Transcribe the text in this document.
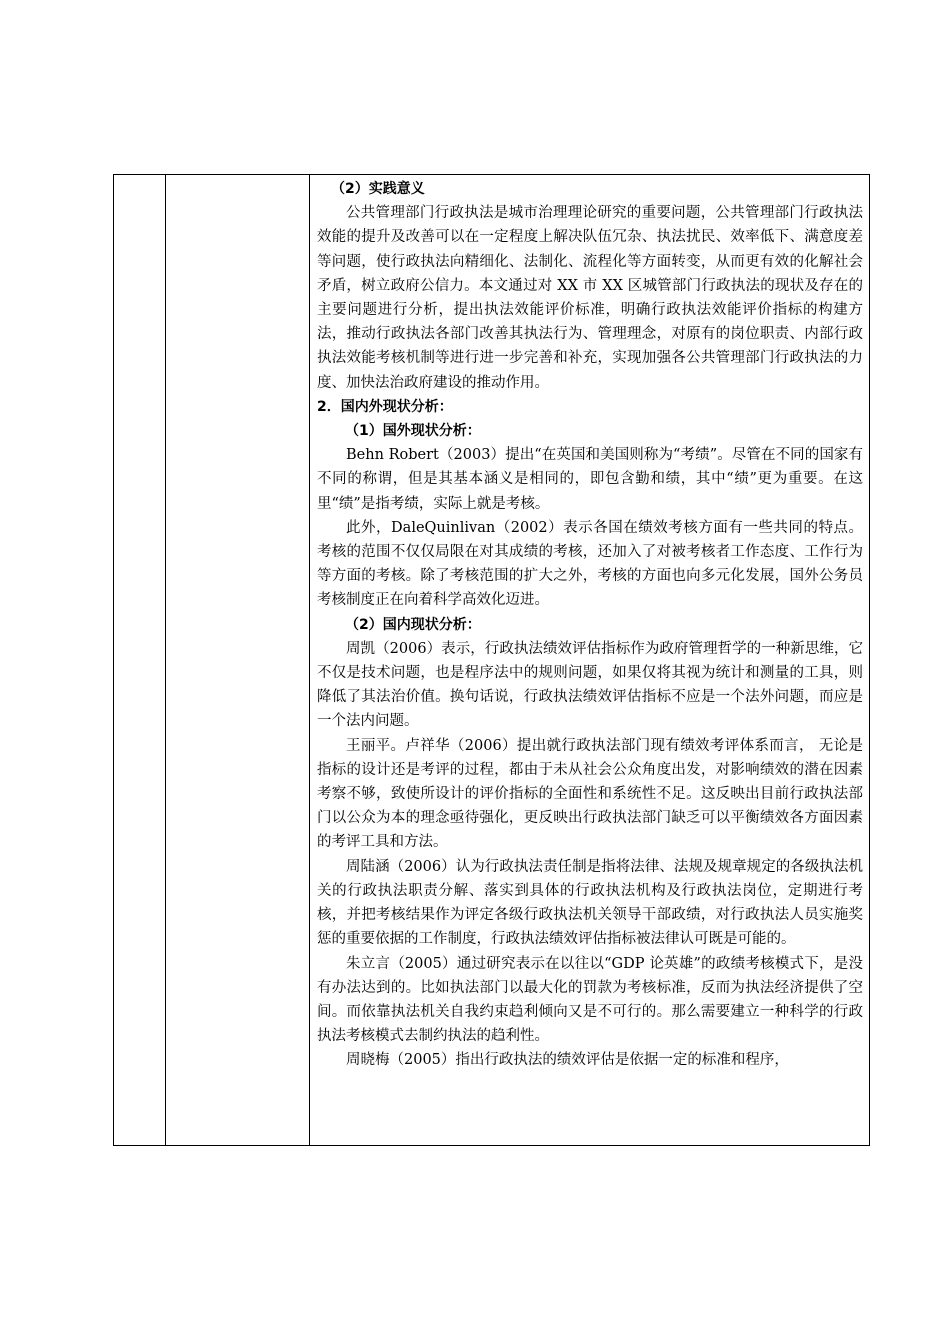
（2）实践意义

公共管理部门行政执法是城市治理理论研究的重要问题，公共管理部门行政执法效能的提升及改善可以在一定程度上解决队伍冗杂、执法扰民、效率低下、满意度差等问题，使行政执法向精细化、法制化、流程化等方面转变，从而更有效的化解社会矛盾，树立政府公信力。本文通过对 XX 市 XX 区城管部门行政执法的现状及存在的主要问题进行分析，提出执法效能评价标准，明确行政执法效能评价指标的构建方法，推动行政执法各部门改善其执法行为、管理理念，对原有的岗位职责、内部行政执法效能考核机制等进行进一步完善和补充，实现加强各公共管理部门行政执法的力度、加快法治政府建设的推动作用。

2．国内外现状分析：

（1）国外现状分析：

Behn Robert（2003）提出“在英国和美国则称为“考绩”。尽管在不同的国家有不同的称谓，但是其基本涵义是相同的，即包含勤和绩，其中“绩”更为重要。在这里“绩”是指考绩，实际上就是考核。

此外，DaleQuinlivan（2002）表示各国在绩效考核方面有一些共同的特点。考核的范围不仅仅局限在对其成绩的考核，还加入了对被考核者工作态度、工作行为等方面的考核。除了考核范围的扩大之外，考核的方面也向多元化发展，国外公务员考核制度正在向着科学高效化迈进。

（2）国内现状分析：

周凯（2006）表示，行政执法绩效评估指标作为政府管理哲学的一种新思维，它不仅是技术问题，也是程序法中的规则问题，如果仅将其视为统计和测量的工具，则降低了其法治价值。换句话说，行政执法绩效评估指标不应是一个法外问题，而应是一个法内问题。

王丽平。卢祥华（2006）提出就行政执法部门现有绩效考评体系而言， 无论是指标的设计还是考评的过程，都由于未从社会公众角度出发，对影响绩效的潜在因素考察不够，致使所设计的评价指标的全面性和系统性不足。这反映出目前行政执法部门以公众为本的理念亟待强化，更反映出行政执法部门缺乏可以平衡绩效各方面因素的考评工具和方法。

周陆涵（2006）认为行政执法责任制是指将法律、法规及规章规定的各级执法机关的行政执法职责分解、落实到具体的行政执法机构及行政执法岗位，定期进行考核，并把考核结果作为评定各级行政执法机关领导干部政绩，对行政执法人员实施奖惩的重要依据的工作制度，行政执法绩效评估指标被法律认可既是可能的。

朱立言（2005）通过研究表示在以往以“GDP 论英雄”的政绩考核模式下，是没有办法达到的。比如执法部门以最大化的罚款为考核标准，反而为执法经济提供了空间。而依靠执法机关自我约束趋利倾向又是不可行的。那么需要建立一种科学的行政执法考核模式去制约执法的趋利性。

周晓梅（2005）指出行政执法的绩效评估是依据一定的标准和程序，
